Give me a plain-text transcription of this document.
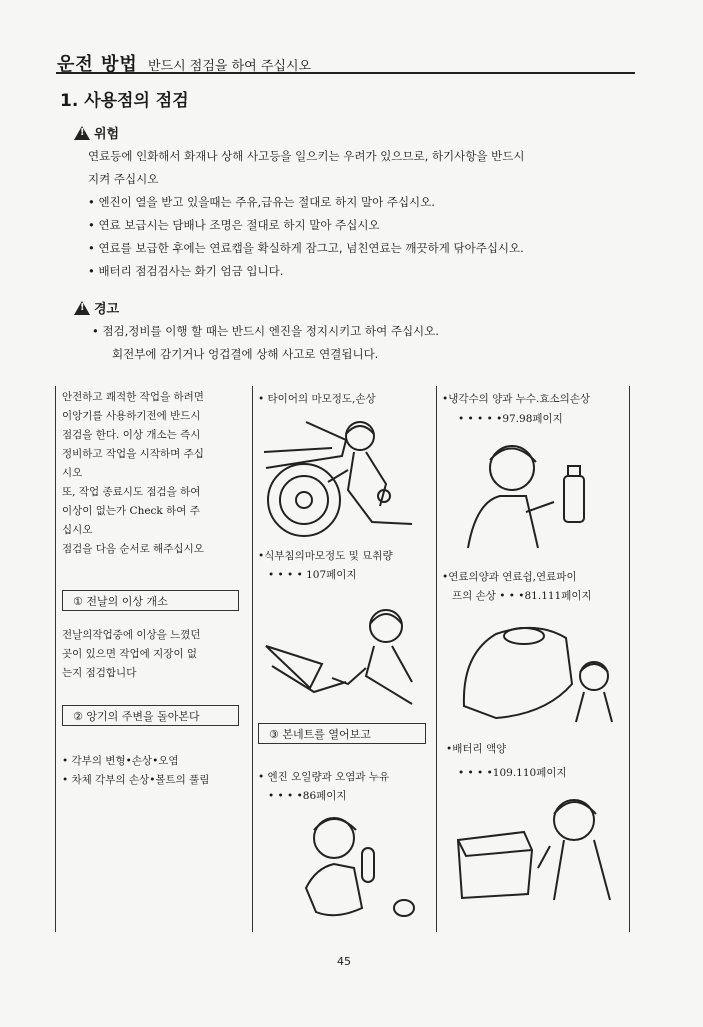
운전 방법 반드시 점검을 하여 주십시오
1. 사용점의 점검
!
위험
연료등에 인화해서 화재나 상해 사고등을 일으키는 우려가 있으므로, 하기사항을 반드시
지켜 주십시오
• 엔진이 열을 받고 있을때는 주유,급유는 절대로 하지 말아 주십시오.
• 연료 보급시는 담배나 조명은 절대로 하지 말아 주십시오
• 연료를 보급한 후에는 연료캡을 확실하게 잠그고, 넘친연료는 깨끗하게 닦아주십시오.
• 배터리 점검검사는 화기 엄금 입니다.
!
경고
• 점검,정비를 이행 할 때는 반드시 엔진을 정지시키고 하여 주십시오.
회전부에 감기거나 엉겁결에 상해 사고로 연결됩니다.
안전하고 쾌적한 작업을 하려면
이앙기를 사용하기전에 반드시
점검을 한다. 이상 개소는 즉시
정비하고 작업을 시작하며 주십
시오
또, 작업 종료시도 점검을 하여
이상이 없는가 Check 하여 주
십시오
점검을 다음 순서로 해주십시오
① 전날의 이상 개소
전날의작업중에 이상을 느꼈던
곳이 있으면 작업에 지장이 없
는지 점검합니다
② 앙기의 주변을 돌아본다
• 각부의 변형•손상•오염
• 차체 각부의 손상•볼트의 풀림
• 타이어의 마모정도,손상
•식부침의마모정도 및 묘취량
• • • • 107페이지
③ 본네트를 열어보고
• 엔진 오일량과 오염과 누유
• • • •86페이지
•냉각수의 양과 누수.효소의손상
• • • • •97.98페이지
•연료의양과 연료쉽,연료파이
프의 손상 • • •81.111페이지
•배터리 액양
• • • •109.110페이지
45
